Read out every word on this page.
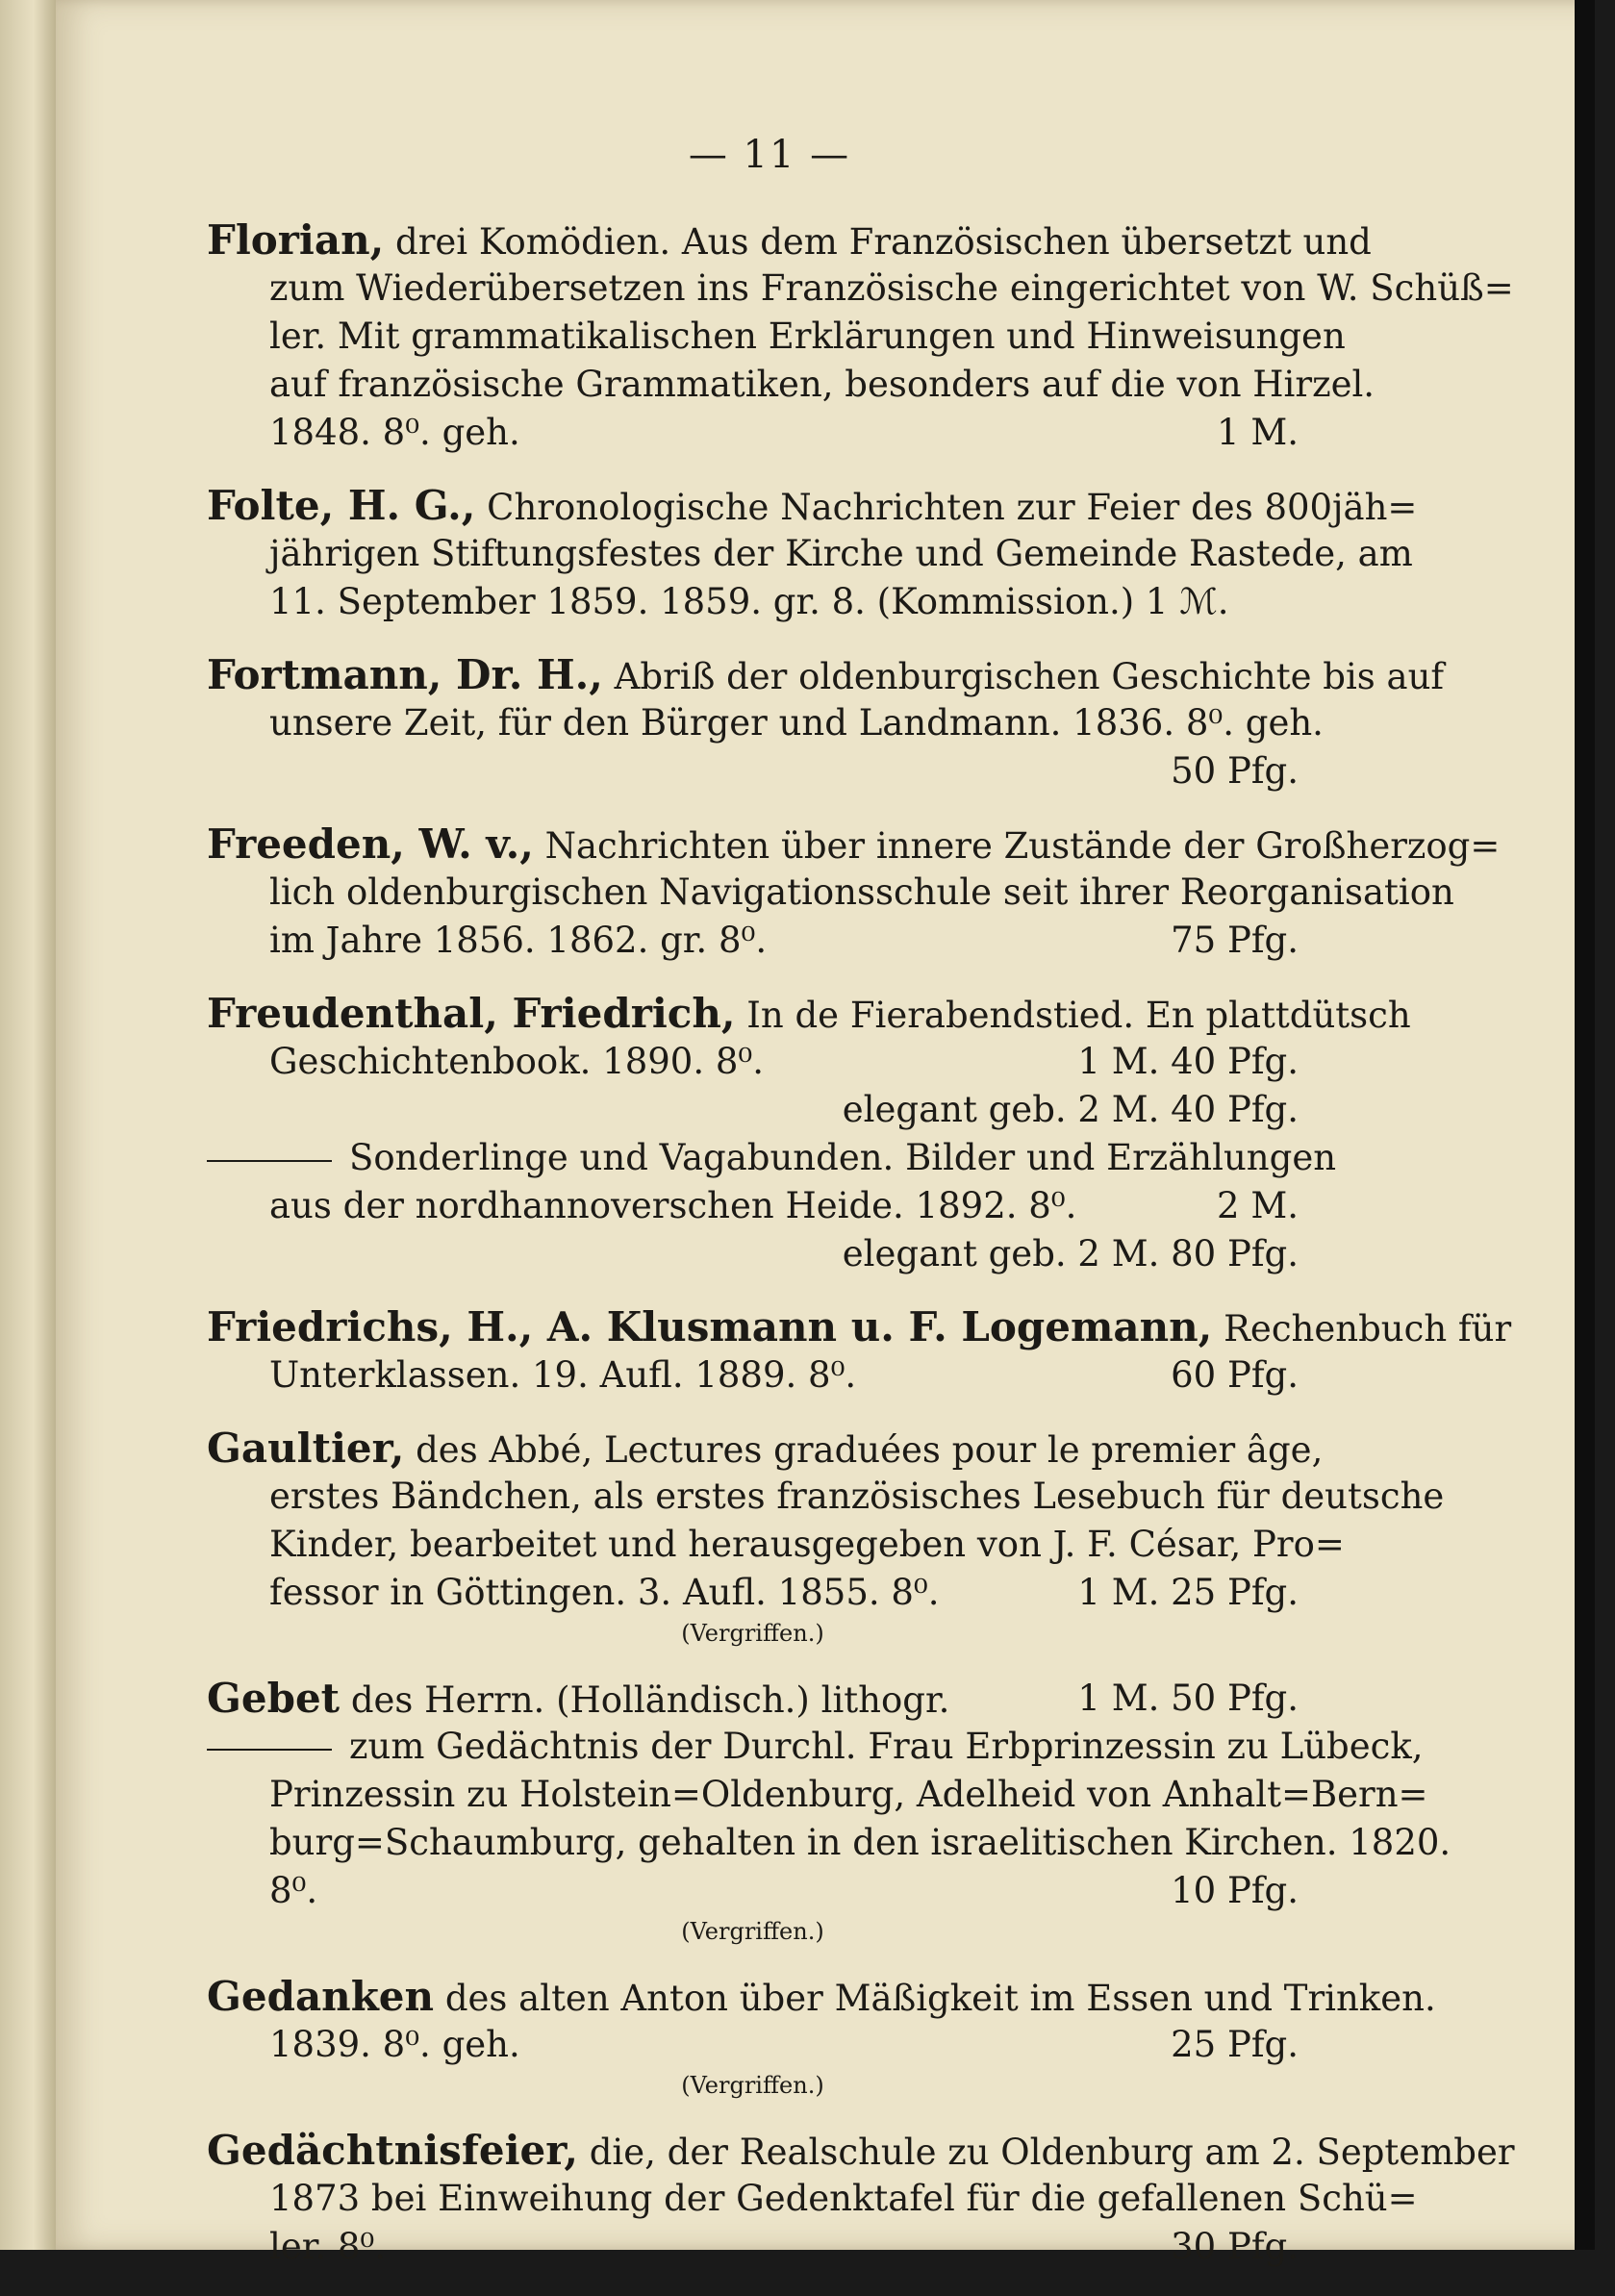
— 11 —
Florian, drei Komödien. Aus dem Französischen übersetzt und
zum Wiederübersetzen ins Französische eingerichtet von W. Schüß=
ler. Mit grammatikalischen Erklärungen und Hinweisungen
auf französische Grammatiken, besonders auf die von Hirzel.
1848. 8⁰. geh.	1 M.
Folte, H. G., Chronologische Nachrichten zur Feier des 800jäh=
jährigen Stiftungsfestes der Kirche und Gemeinde Rastede, am
11. September 1859. 1859. gr. 8. (Kommission.) 1 ℳ.
Fortmann, Dr. H., Abriß der oldenburgischen Geschichte bis auf
unsere Zeit, für den Bürger und Landmann. 1836. 8⁰. geh.
50 Pfg.
Freeden, W. v., Nachrichten über innere Zustände der Großherzog=
lich oldenburgischen Navigationsschule seit ihrer Reorganisation
im Jahre 1856. 1862. gr. 8⁰.	75 Pfg.
Freudenthal, Friedrich, In de Fierabendstied. En plattdütsch
Geschichtenbook. 1890. 8⁰.	1 M. 40 Pfg.
elegant geb. 2 M. 40 Pfg.
Sonderlinge und Vagabunden. Bilder und Erzählungen
aus der nordhannoverschen Heide. 1892. 8⁰.	2 M.
elegant geb. 2 M. 80 Pfg.
Friedrichs, H., A. Klusmann u. F. Logemann, Rechenbuch für
Unterklassen. 19. Aufl. 1889. 8⁰.	60 Pfg.
Gaultier, des Abbé, Lectures graduées pour le premier âge,
erstes Bändchen, als erstes französisches Lesebuch für deutsche
Kinder, bearbeitet und herausgegeben von J. F. César, Pro=
fessor in Göttingen. 3. Aufl. 1855. 8⁰.	1 M. 25 Pfg.
(Vergriffen.)
Gebet des Herrn. (Holländisch.) lithogr.	1 M. 50 Pfg.
zum Gedächtnis der Durchl. Frau Erbprinzessin zu Lübeck,
Prinzessin zu Holstein=Oldenburg, Adelheid von Anhalt=Bern=
burg=Schaumburg, gehalten in den israelitischen Kirchen. 1820.
8⁰.	10 Pfg.
(Vergriffen.)
Gedanken des alten Anton über Mäßigkeit im Essen und Trinken.
1839. 8⁰. geh.	25 Pfg.
(Vergriffen.)
Gedächtnisfeier, die, der Realschule zu Oldenburg am 2. September
1873 bei Einweihung der Gedenktafel für die gefallenen Schü=
ler. 8⁰.	30 Pfg.
